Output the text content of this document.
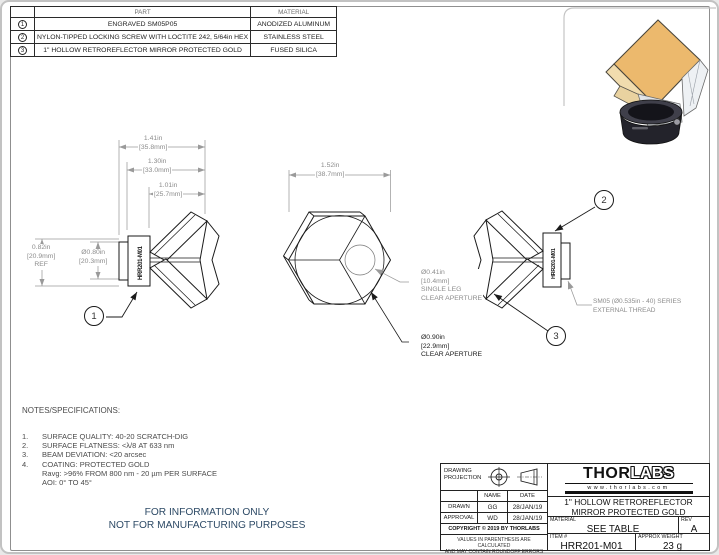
	PART	MATERIAL
1	ENGRAVED SM05P05	ANODIZED ALUMINUM
2	NYLON-TIPPED LOCKING SCREW WITH LOCTITE 242, 5/64in HEX	STAINLESS STEEL
3	1" HOLLOW RETROREFLECTOR MIRROR PROTECTED GOLD	FUSED SILICA
HRR201-M01	HRR201-M01
1.41in
[35.8mm]
1.30in
[33.0mm]
1.01in
[25.7mm]
0.82in
[20.9mm]
REF
Ø0.80in
[20.3mm]
1.52in
[38.7mm]
Ø0.41in
[10.4mm]
SINGLE LEG
CLEAR APERTURE
Ø0.90in
[22.9mm]
CLEAR APERTURE
SM05 (Ø0.535in - 40) SERIES
EXTERNAL THREAD
1
2
3
NOTES/SPECIFICATIONS:
1.	SURFACE QUALITY: 40-20 SCRATCH-DIG
2.	SURFACE FLATNESS: <λ/8 AT 633 nm
3.	BEAM DEVIATION: <20 arcsec
4.	COATING: PROTECTED GOLD
Ravg: >96% FROM 800 nm - 20 µm PER SURFACE
AOI: 0° TO 45°
FOR INFORMATION ONLY
NOT FOR MANUFACTURING PURPOSES
DRAWING
PROJECTION
NAME	DATE
DRAWN	GG	28/JAN/19
APPROVAL	WD	28/JAN/19
COPYRIGHT © 2019 BY THORLABS
VALUES IN PARENTHESIS ARE CALCULATED
AND MAY CONTAIN ROUNDOFF ERRORS
THORLABS
www.thorlabs.com
1" HOLLOW RETROREFLECTOR
MIRROR PROTECTED GOLD
MATERIAL
SEE TABLE
REV
A
ITEM #
HRR201-M01
APPROX WEIGHT
23 g
